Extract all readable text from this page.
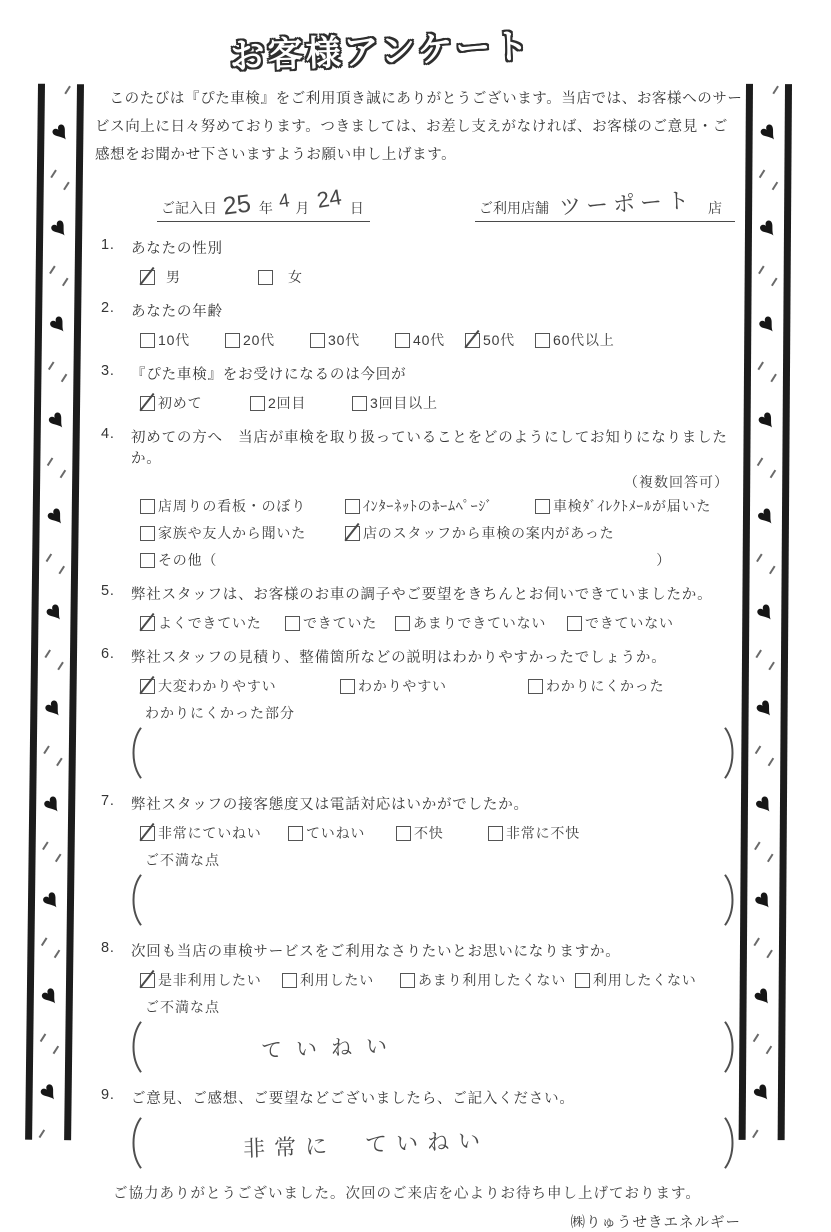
お客様アンケート
♥
♥
♥
♥
♥
♥
♥
♥
♥
♥
♥
♥
♥
♥
♥
♥
♥
♥
♥
♥
♥
♥
このたびは『ぴた車検』をご利用頂き誠にありがとうございます。当店では、お客様へのサービス向上に日々努めております。つきましては、お差し支えがなければ、お客様のご意見・ご感想をお聞かせ下さいますようお願い申し上げます。
ご記入日 25 年 4 月 24 日	ご利用店舗 ツーポート 店
1.	あなたの性別
男	女
2.	あなたの年齢
10代	20代	30代	40代	50代	60代以上
3.	『ぴた車検』をお受けになるのは今回が
初めて	2回目	3回目以上
4.	初めての方へ　当店が車検を取り扱っていることをどのようにしてお知りになりましたか。
（複数回答可）
店周りの看板・のぼり	ｲﾝﾀｰﾈｯﾄのﾎｰﾑﾍﾟｰｼﾞ	車検ﾀﾞｲﾚｸﾄﾒｰﾙが届いた
家族や友人から聞いた	店のスタッフから車検の案内があった
その他（	）
5.	弊社スタッフは、お客様のお車の調子やご要望をきちんとお伺いできていましたか。
よくできていた	できていた	あまりできていない	できていない
6.	弊社スタッフの見積り、整備箇所などの説明はわかりやすかったでしょうか。
大変わかりやすい	わかりやすい	わかりにくかった
わかりにくかった部分
7.	弊社スタッフの接客態度又は電話対応はいかがでしたか。
非常にていねい	ていねい	不快	非常に不快
ご不満な点
8.	次回も当店の車検サービスをご利用なさりたいとお思いになりますか。
是非利用したい	利用したい	あまり利用したくない 利用したくない
ご不満な点
ていねい
9.	ご意見、ご感想、ご要望などございましたら、ご記入ください。
非常に ていねい
ご協力ありがとうございました。次回のご来店を心よりお待ち申し上げております。
㈱りゅうせきエネルギー
